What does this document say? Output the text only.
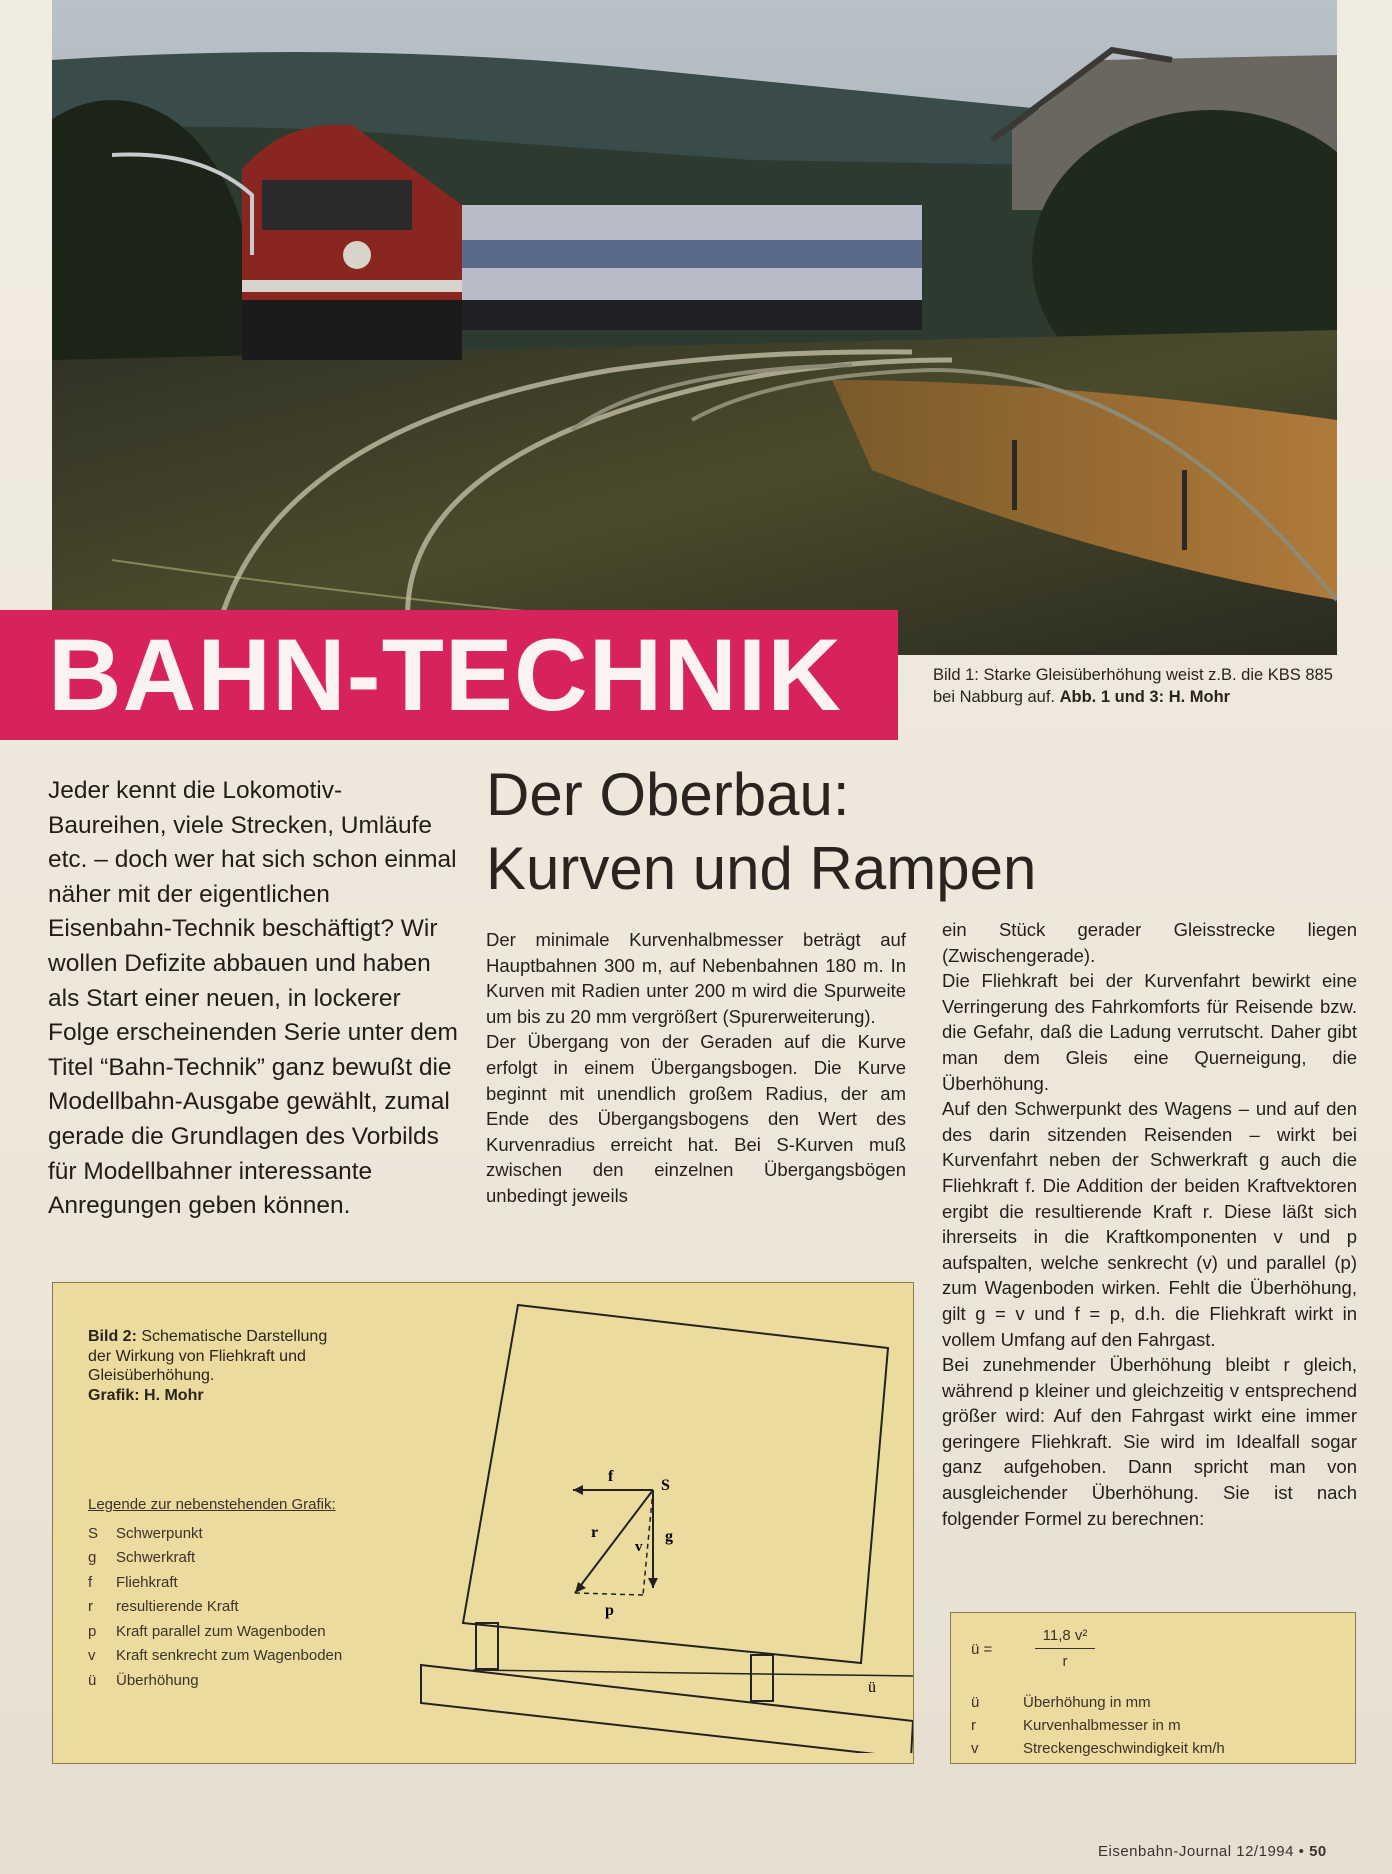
BAHN-TECHNIK	Bild 1: Starke Gleisüberhöhung weist z.B. die KBS 885 bei Nabburg auf. Abb. 1 und 3: H. Mohr
Jeder kennt die Lokomotiv-Baureihen, viele Strecken, Umläufe etc. – doch wer hat sich schon einmal näher mit der eigentlichen Eisenbahn-Technik beschäftigt? Wir wollen Defizite abbauen und haben als Start einer neuen, in lockerer Folge erscheinenden Serie unter dem Titel “Bahn-Technik” ganz bewußt die Modellbahn-Ausgabe gewählt, zumal gerade die Grundlagen des Vorbilds für Modellbahner interessante Anregungen geben können.
Der Oberbau:
Kurven und Rampen

Der minimale Kurvenhalbmesser beträgt auf Hauptbahnen 300 m, auf Nebenbahnen 180 m. In Kurven mit Radien unter 200 m wird die Spurweite um bis zu 20 mm vergrößert (Spurerweiterung).

Der Übergang von der Geraden auf die Kurve erfolgt in einem Übergangsbogen. Die Kurve beginnt mit unendlich großem Radius, der am Ende des Übergangsbogens den Wert des Kurvenradius erreicht hat. Bei S-Kurven muß zwischen den einzelnen Übergangsbögen unbedingt jeweils

ein Stück gerader Gleisstrecke liegen (Zwischengerade).

Die Fliehkraft bei der Kurvenfahrt bewirkt eine Verringerung des Fahrkomforts für Reisende bzw. die Gefahr, daß die Ladung verrutscht. Daher gibt man dem Gleis eine Querneigung, die Überhöhung.

Auf den Schwerpunkt des Wagens – und auf den des darin sitzenden Reisenden – wirkt bei Kurvenfahrt neben der Schwerkraft g auch die Fliehkraft f. Die Addition der beiden Kraftvektoren ergibt die resultierende Kraft r. Diese läßt sich ihrerseits in die Kraftkomponenten v und p aufspalten, welche senkrecht (v) und parallel (p) zum Wagenboden wirken. Fehlt die Überhöhung, gilt g = v und f = p, d.h. die Fliehkraft wirkt in vollem Umfang auf den Fahrgast.

Bei zunehmender Überhöhung bleibt r gleich, während p kleiner und gleichzeitig v entsprechend größer wird: Auf den Fahrgast wirkt eine immer geringere Fliehkraft. Sie wird im Idealfall sogar ganz aufgehoben. Dann spricht man von ausgleichender Überhöhung. Sie ist nach folgender Formel zu berechnen:

Bild 2: Schematische Darstellung der Wirkung von Fliehkraft und Gleisüberhöhung.
Grafik: H. Mohr
Legende zur nebenstehenden Grafik:
S	Schwerpunkt
g	Schwerkraft
f	Fliehkraft
r	resultierende Kraft
p	Kraft parallel zum Wagenboden
v	Kraft senkrecht zum Wagenboden
ü	Überhöhung
f
S
r
v
g
p
ü
ü =	$\frac{\text{11,8 v²}}{r}$
ü	Überhöhung in mm
r	Kurvenhalbmesser in m
v	Streckengeschwindigkeit km/h
Eisenbahn-Journal 12/1994 • 50
